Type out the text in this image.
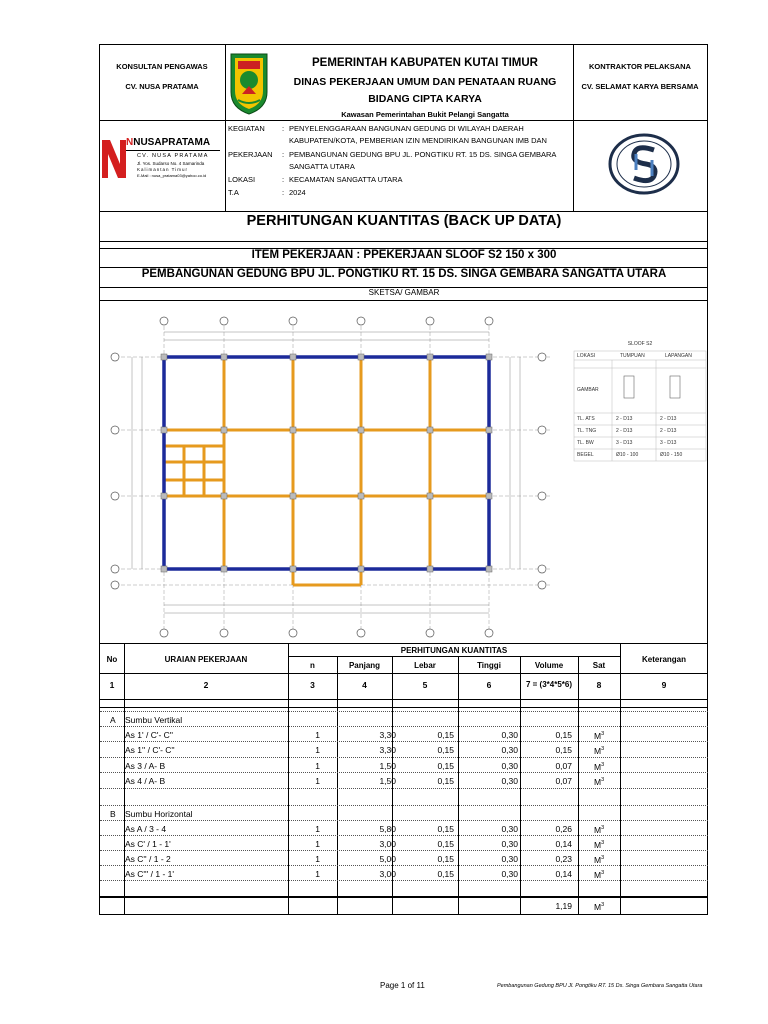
KONSULTAN PENGAWAS
CV. NUSA PRATAMA
PEMERINTAH KABUPATEN KUTAI TIMUR
DINAS PEKERJAAN UMUM DAN PENATAAN RUANG
BIDANG CIPTA KARYA
Kawasan Pemerintahan Bukit Pelangi Sangatta
KONTRAKTOR PELAKSANA
CV. SELAMAT KARYA BERSAMA
NNUSAPRATAMA
CV. NUSA PRATAMA
Jl. Yos. Sudarso No. 4 Samarinda
Kalimantan Timur
E-Mail : nusa_pratama03@yahoo.co.id
KEGIATAN : PENYELENGGARAAN BANGUNAN GEDUNG DI WILAYAH DAERAH
KABUPATEN/KOTA, PEMBERIAN IZIN MENDIRIKAN BANGUNAN IMB DAN
PEKERJAAN : PEMBANGUNAN GEDUNG BPU JL. PONGTIKU RT. 15 DS. SINGA GEMBARA
SANGATTA UTARA
LOKASI	: KECAMATAN SANGATTA UTARA
T.A	: 2024
PERHITUNGAN KUANTITAS (BACK UP DATA)
ITEM PEKERJAAN : PPEKERJAAN SLOOF S2 150 x 300
PEMBANGUNAN GEDUNG BPU JL. PONGTIKU RT. 15 DS. SINGA GEMBARA SANGATTA UTARA
SKETSA/ GAMBAR
SLOOF S2
LOKASI	TUMPUAN	LAPANGAN
GAMBAR
TL. ATS	2 - D13	2 - D13
TL. TNG	2 - D13	2 - D13
TL. BW	3 - D13	3 - D13
BEGEL	Ø10 - 100	Ø10 - 150
No	URAIAN PEKERJAAN
PERHITUNGAN KUANTITAS
n	Panjang	Lebar	Tinggi	Volume	Sat
Keterangan
1	2	3	4	5	6	7 = (3*4*5*6)	8	9
A Sumbu Vertikal
As 1' / C'- C''	1	3,30	0,15	0,30	0,15	$M^3$
As 1'' / C'- C''	1	3,30	0,15	0,30	0,15	$M^3$
As 3 / A- B	1	1,50	0,15	0,30	0,07	$M^3$
As 4 / A- B	1	1,50	0,15	0,30	0,07	$M^3$
B Sumbu Horizontal
As A / 3 - 4	1	5,80	0,15	0,30	0,26	$M^3$
As C' / 1 - 1'	1	3,00	0,15	0,30	0,14	$M^3$
As C'' / 1 - 2	1	5,00	0,15	0,30	0,23	$M^3$
As C''' / 1 - 1'	1	3,00	0,15	0,30	0,14	$M^3$
1,19	$M^3$
Page 1 of 11	Pembangunan Gedung BPU Jl. Pongtiku RT. 15 Ds. Singa Gembara Sangatta Utara
